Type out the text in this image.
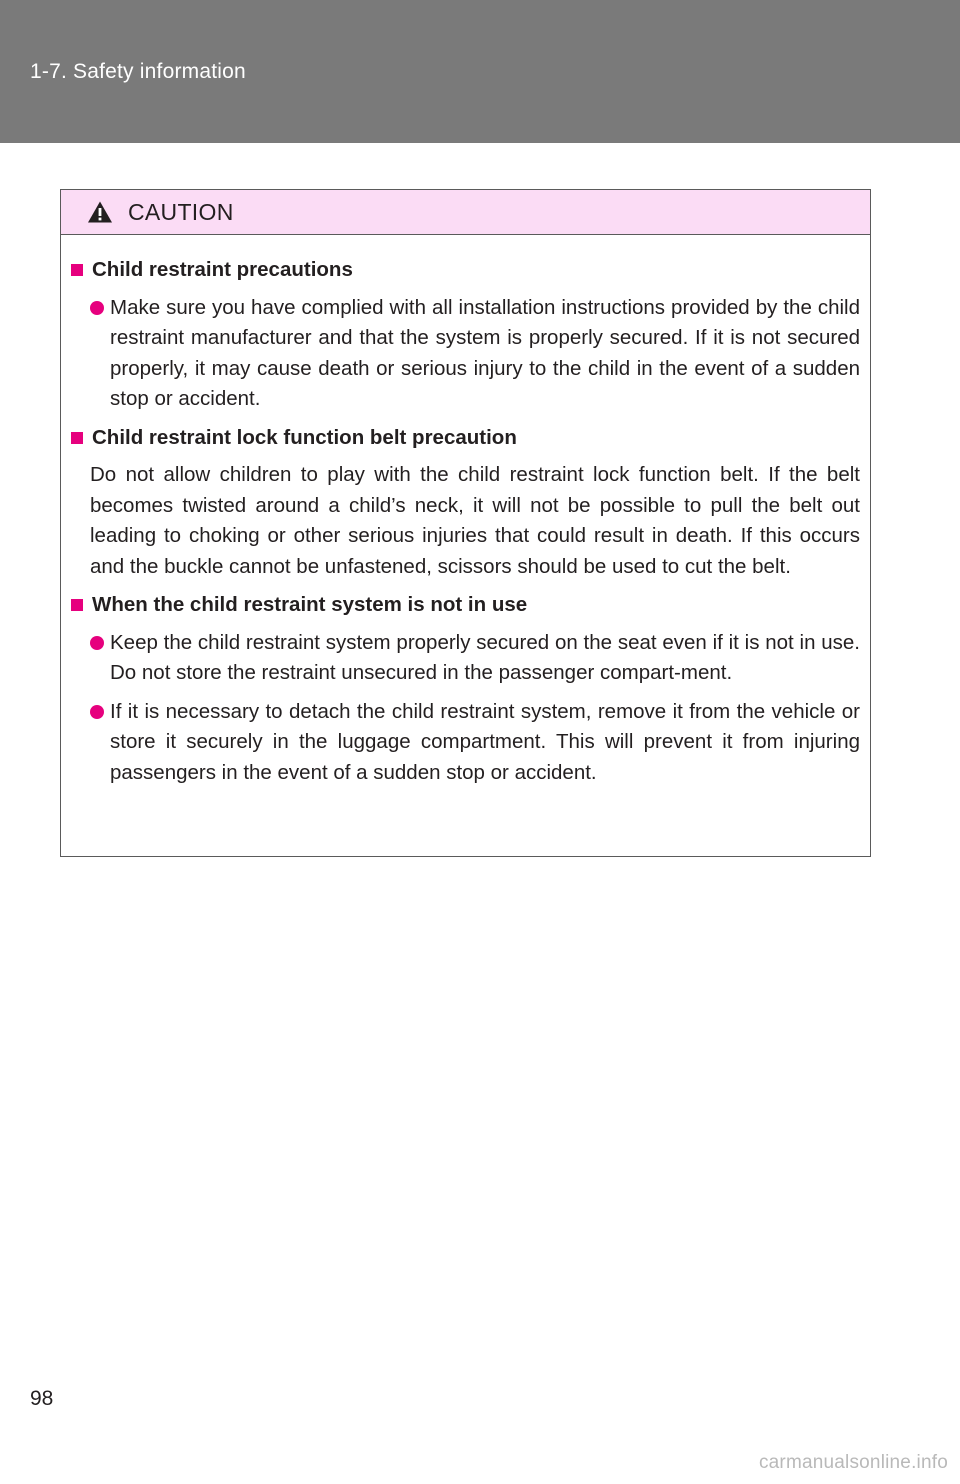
1-7. Safety information
CAUTION
Child restraint precautions
Make sure you have complied with all installation instructions provided by the child restraint manufacturer and that the system is properly secured. If it is not secured properly, it may cause death or serious injury to the child in the event of a sudden stop or accident.
Child restraint lock function belt precaution
Do not allow children to play with the child restraint lock function belt. If the belt becomes twisted around a child’s neck, it will not be possible to pull the belt out leading to choking or other serious injuries that could result in death. If this occurs and the buckle cannot be unfastened, scissors should be used to cut the belt.
When the child restraint system is not in use
Keep the child restraint system properly secured on the seat even if it is not in use. Do not store the restraint unsecured in the passenger compart-ment.
If it is necessary to detach the child restraint system, remove it from the vehicle or store it securely in the luggage compartment. This will prevent it from injuring passengers in the event of a sudden stop or accident.
98
carmanualsonline.info
